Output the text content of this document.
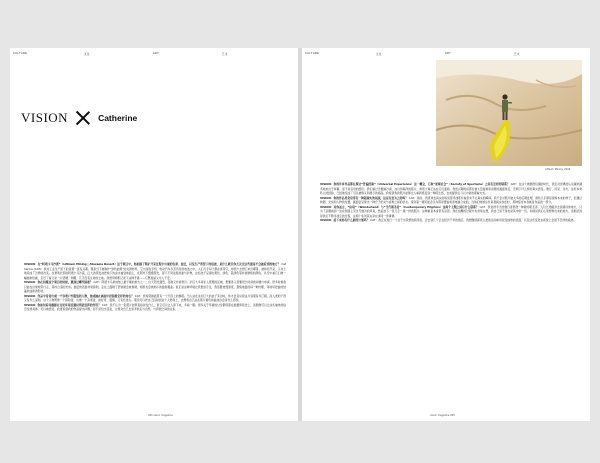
CULTURE	文化	ART	艺术
VISION	Catherine

VISION：在“阿塔卡马沙漠”（Lithium Mining | Atacama Desert）这个项目中，你拍摄了锂矿开采过程中出现的色彩、盐层，以及生产所留下的痕迹，是什么吸引你去关注这些通常不会被看到的地方？ Catherine (CAT)：我对工业生产留下的景观一直有兴趣。锂是当下被称作“绿色能源”的关键材料，它出现在手机、电动汽车以及所有的电池之中，人们几乎每天都在使用它，却很少去想它来自哪里、被如何开采、又对土地造成了怎样的改变。在智利北部的阿塔卡马沙漠，巨大的蒸发池把地下的卤水抽到地面上，在阳光下慢慢蒸发，留下不同浓度的盐与矿物，这些池子呈现出黄色、绿色、蓝绿色等非常鲜艳的颜色。从空中看它们像一幅抽象绘画，走近了看又是一片坚硬、刺眼、几乎没有生命的土地。我想用相机记录下这种矛盾——它既美丽又令人不安。

VISION：你在拍摄这个项目的时候，遇到过哪些困难？ CAT：阿塔卡马是地球上最干燥的地方之一，白天阳光强烈，夜晚又非常寒冷。矿区大多是私人管理的区域，想要进入需要很长时间的沟通与申请。很多时候我只能在边缘地带行走，等待合适的光线。盐层的表面非常锋利，走在上面鞋子很快就会被划破，相机也会被细小的盐粒覆盖。但正是这种环境让我更加专注，我需要放慢速度，观察地面的每一种纹理，等待风把盐的结晶吹成新的形状。

VISION：作品中常常出现一个穿着户外服装的人物，他或她在画面中扮演着怎样的角色？ CAT：我希望画面里有一个尺度上的参照。当人站在这些巨大的池子旁边时，你才会意识到这片景观有多辽阔，而人类的干预又有多么深刻。这个人物既像一个探险者，也像一个旁观者，他好奇、谨慎，又有些迷失。观众可以把自己投射到这个人物身上，去想象自己站在那片黄色的盐池边会是什么感觉。

VISION：你如何看待摄影在讨论环境议题时所能发挥的作用？ CAT：我不认为一张照片能够直接改变什么，但它可以让人停下来，多看一眼。很多关于环境的讨论都停留在数据和报告上，而图像可以让这些抽象的信息变得具体、可以被感受。我更希望我的作品提出问题，而不是给出答案，让观众自己去思考我们与自然、与资源之间的关系。

094 vision magazine
CULTURE	文化	ART	艺术
Lithium Mining, 2019

VISION：你的许多作品都在探讨“普遍经验”（Universal Experience）这一概念，它和“景观社会”（Society of Spectacle）之间有怎样的联系？ CAT：在这个被图像包围的时代，我们对世界的认识越来越多地来自于屏幕，而不是亲身的经历。我们看过无数遍沙漠、冰川和海洋的照片，却很少真正站在它们面前。我感兴趣的是那些被大量复制和消费的画面背后，还剩下什么样的真实感受。旅行、风景、远方，这些本来私人的经验，已经被变成了可以被购买和展示的商品。我希望我的照片能够让人重新感受到一种陌生感，去质疑我们习以为常的观看方式。

VISION：你的作品里常常带有一种超现实的氛围，这是有意为之的吗？ CAT：是的。我喜欢在真实的场景里寻找那些看起来不太真实的瞬间。我不会对照片做太多的后期处理，颜色几乎都是现场本来的样子，但通过构图、光线和人物的位置，画面会呈现出一种介于纪实与虚构之间的状态。观众第一眼可能会以为那是摆拍或者电脑合成的，当他们知道这些景观真实存在时，那种惊讶本身就是作品的一部分。

VISION：对你而言，“仙境”（Wonderland）与“当代朝圣者”（Contemporary Pilgrims）这两个主题之间有什么联系？ CAT：我觉得今天的旅行者很像一种新的朝圣者。人们长途跋涉去到遥远的地方，只为了亲眼看到一处在网络上见过无数次的风景，然后拍下一张几乎一模一样的照片。这种重复本身很有意思。我在拍摄的过程中也常常在想，我自己是不是也是其中的一员。仙境是我们心里想象出来的地方，而朝圣则是我们不断寻找它的过程，这两个系列其实是在讲同一件事情。

VISION：接下来你有什么新的计划吗？ CAT：我正在进行一个关于水资源的新项目，会去到几个正在经历干旱的地区。我想继续探索人类的活动如何改变地球的表面，以及这些变化在视觉上会留下怎样的痕迹。

vision magazine 095
